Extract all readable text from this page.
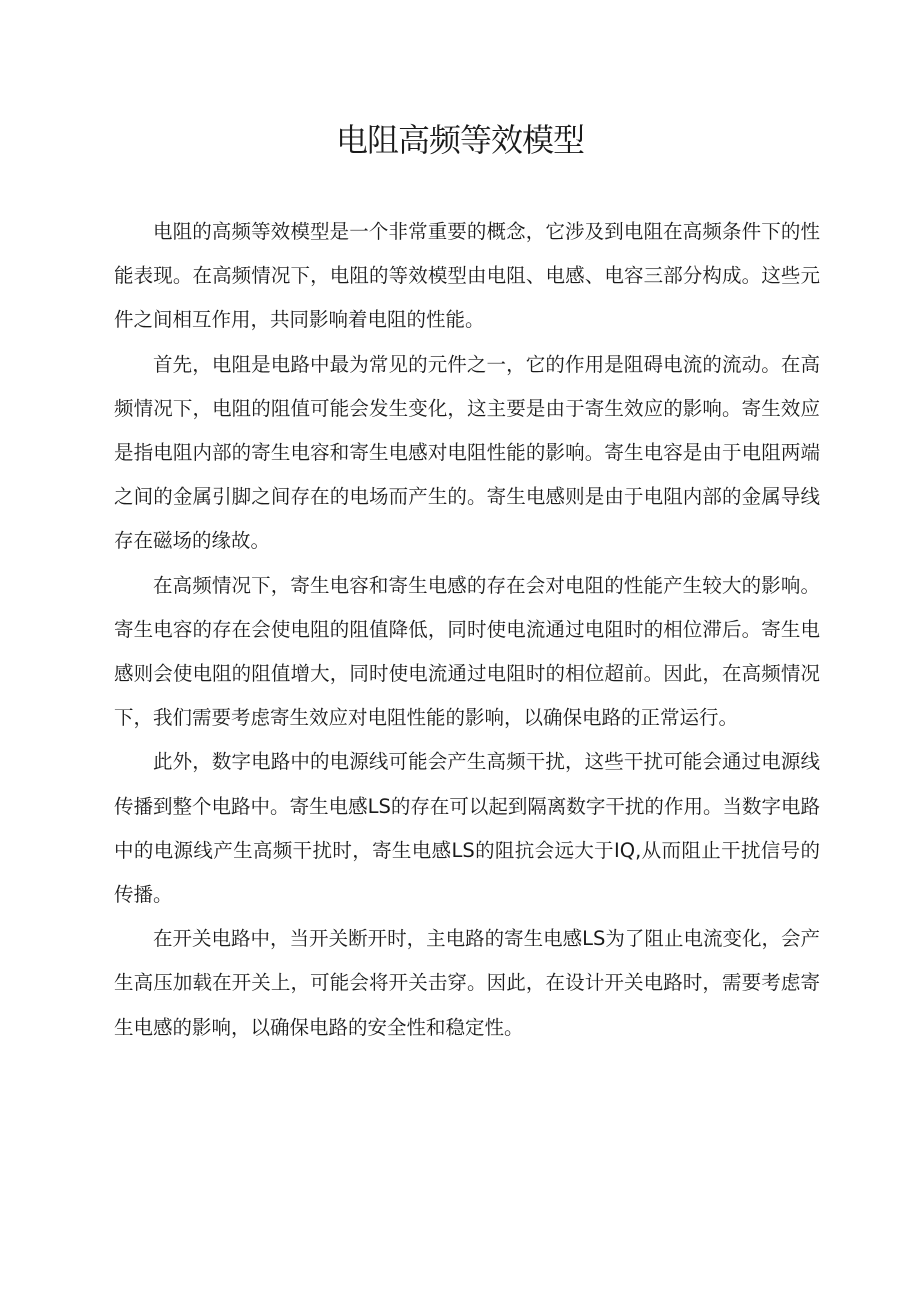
电阻高频等效模型

电阻的高频等效模型是一个非常重要的概念，它涉及到电阻在高频条件下的性能表现。在高频情况下，电阻的等效模型由电阻、电感、电容三部分构成。这些元件之间相互作用，共同影响着电阻的性能。

首先，电阻是电路中最为常见的元件之一，它的作用是阻碍电流的流动。在高频情况下，电阻的阻值可能会发生变化，这主要是由于寄生效应的影响。寄生效应是指电阻内部的寄生电容和寄生电感对电阻性能的影响。寄生电容是由于电阻两端之间的金属引脚之间存在的电场而产生的。寄生电感则是由于电阻内部的金属导线存在磁场的缘故。

在高频情况下，寄生电容和寄生电感的存在会对电阻的性能产生较大的影响。寄生电容的存在会使电阻的阻值降低，同时使电流通过电阻时的相位滞后。寄生电感则会使电阻的阻值增大，同时使电流通过电阻时的相位超前。因此，在高频情况下，我们需要考虑寄生效应对电阻性能的影响，以确保电路的正常运行。

此外，数字电路中的电源线可能会产生高频干扰，这些干扰可能会通过电源线传播到整个电路中。寄生电感LS的存在可以起到隔离数字干扰的作用。当数字电路中的电源线产生高频干扰时，寄生电感LS的阻抗会远大于IQ,从而阻止干扰信号的传播。

在开关电路中，当开关断开时，主电路的寄生电感LS为了阻止电流变化，会产生高压加载在开关上，可能会将开关击穿。因此，在设计开关电路时，需要考虑寄生电感的影响，以确保电路的安全性和稳定性。
